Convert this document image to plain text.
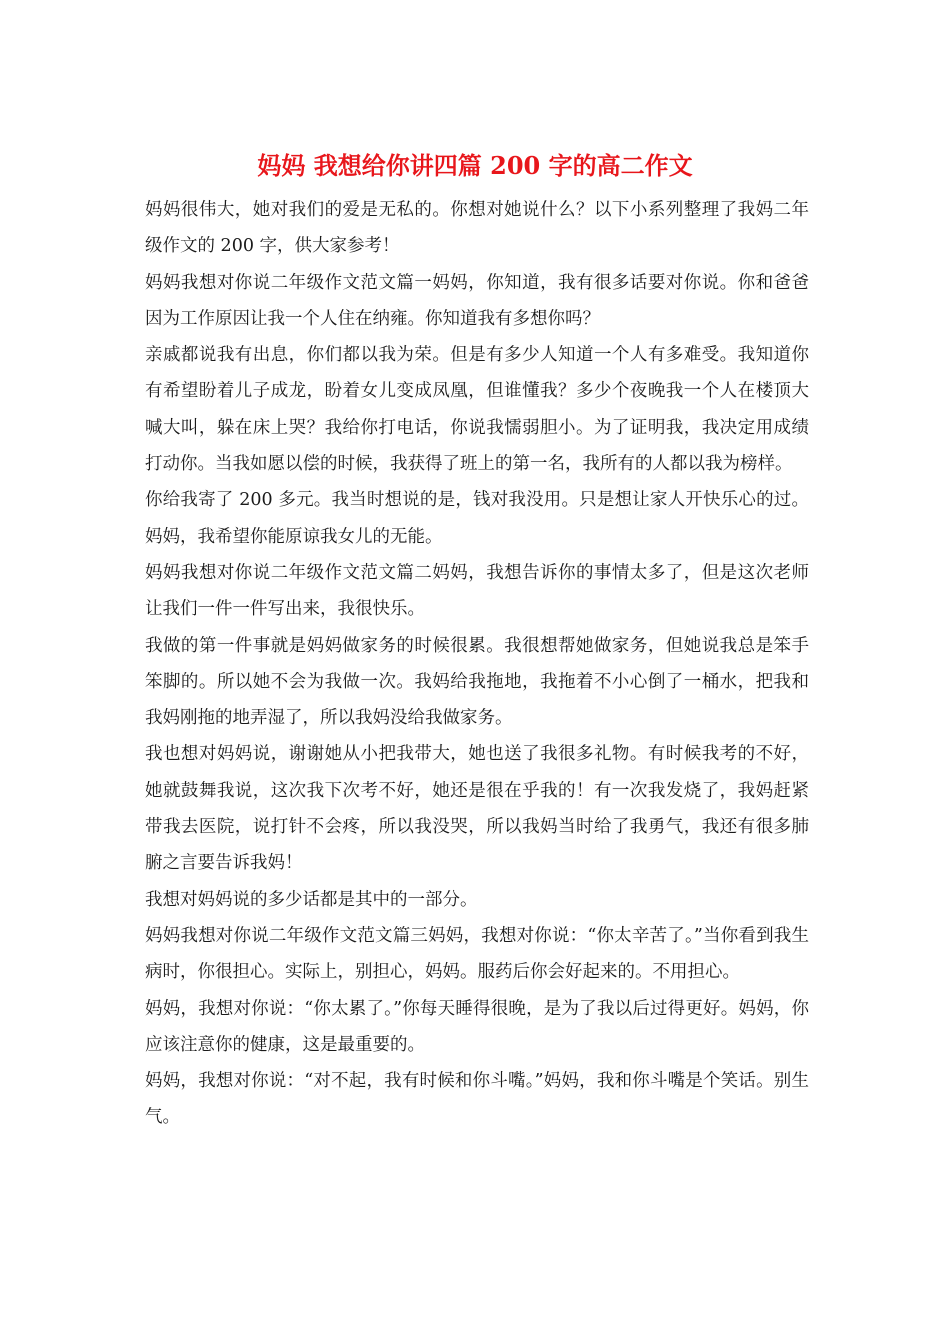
妈妈 我想给你讲四篇 200 字的高二作文

妈妈很伟大，她对我们的爱是无私的。你想对她说什么？以下小系列整理了我妈二年级作文的 200 字，供大家参考！

妈妈我想对你说二年级作文范文篇一妈妈，你知道，我有很多话要对你说。你和爸爸因为工作原因让我一个人住在纳雍。你知道我有多想你吗？

亲戚都说我有出息，你们都以我为荣。但是有多少人知道一个人有多难受。我知道你有希望盼着儿子成龙，盼着女儿变成凤凰，但谁懂我？多少个夜晚我一个人在楼顶大喊大叫，躲在床上哭？我给你打电话，你说我懦弱胆小。为了证明我，我决定用成绩打动你。当我如愿以偿的时候，我获得了班上的第一名，我所有的人都以我为榜样。

你给我寄了 200 多元。我当时想说的是，钱对我没用。只是想让家人开快乐心的过。妈妈，我希望你能原谅我女儿的无能。

妈妈我想对你说二年级作文范文篇二妈妈，我想告诉你的事情太多了，但是这次老师让我们一件一件写出来，我很快乐。

我做的第一件事就是妈妈做家务的时候很累。我很想帮她做家务，但她说我总是笨手笨脚的。所以她不会为我做一次。我妈给我拖地，我拖着不小心倒了一桶水，把我和我妈刚拖的地弄湿了，所以我妈没给我做家务。

我也想对妈妈说，谢谢她从小把我带大，她也送了我很多礼物。有时候我考的不好，她就鼓舞我说，这次我下次考不好，她还是很在乎我的！有一次我发烧了，我妈赶紧带我去医院，说打针不会疼，所以我没哭，所以我妈当时给了我勇气，我还有很多肺腑之言要告诉我妈！

我想对妈妈说的多少话都是其中的一部分。

妈妈我想对你说二年级作文范文篇三妈妈，我想对你说：“你太辛苦了。”当你看到我生病时，你很担心。实际上，别担心，妈妈。服药后你会好起来的。不用担心。

妈妈，我想对你说：“你太累了。”你每天睡得很晚，是为了我以后过得更好。妈妈，你应该注意你的健康，这是最重要的。

妈妈，我想对你说：“对不起，我有时候和你斗嘴。”妈妈，我和你斗嘴是个笑话。别生气。
